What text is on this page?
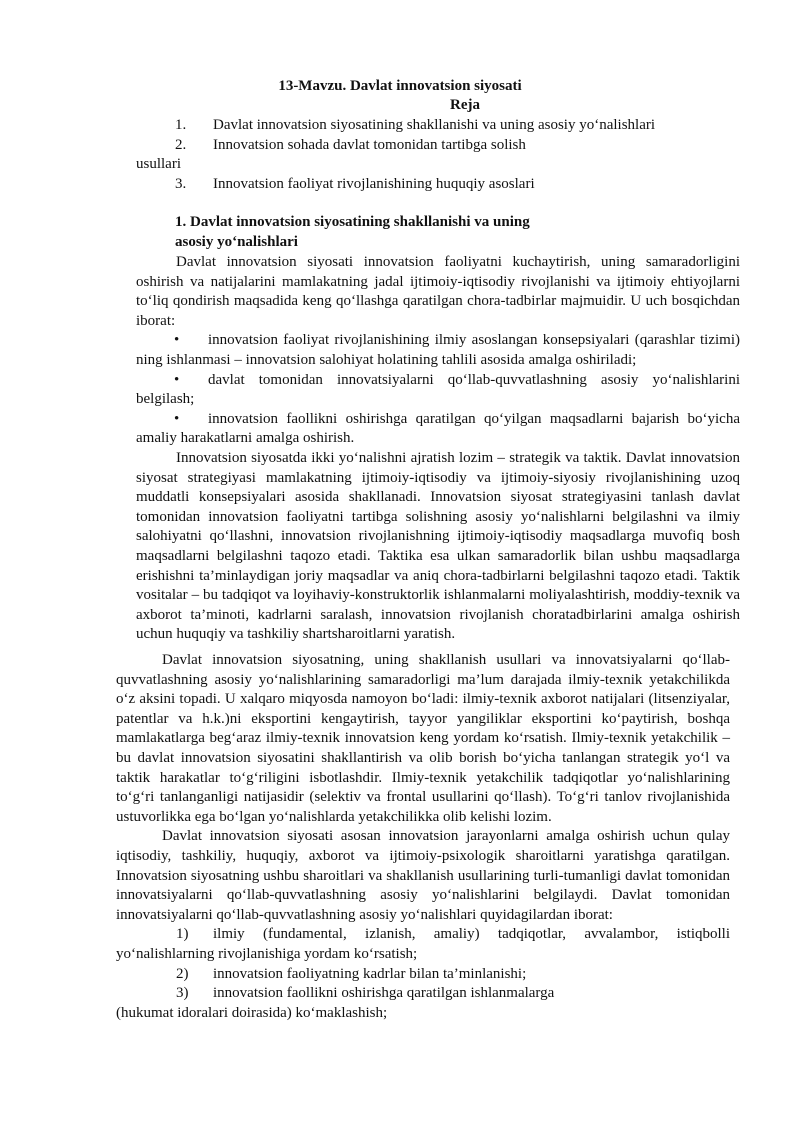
13-Mavzu. Davlat innovatsion siyosati
Reja
1. Davlat innovatsion siyosatining shakllanishi va uning asosiy yo‘nalishlari
2. Innovatsion sohada davlat tomonidan tartibga solish
usullari
3. Innovatsion faoliyat rivojlanishining huquqiy asoslari
1. Davlat innovatsion siyosatining shakllanishi va uning
asosiy yo‘nalishlari

Davlat innovatsion siyosati innovatsion faoliyatni kuchaytirish, uning samaradorligini oshirish va natijalarini mamlakatning jadal ijtimoiy-iqtisodiy rivojlanishi va ijtimoiy ehtiyojlarni to‘liq qondirish maqsadida keng qo‘llashga qaratilgan chora-tadbirlar majmuidir. U uch bosqichdan iborat:

• innovatsion faoliyat rivojlanishining ilmiy asoslangan konsepsiyalari (qarashlar tizimi) ning ishlanmasi – innovatsion salohiyat holatining tahlili asosida amalga oshiriladi;

• davlat tomonidan innovatsiyalarni qo‘llab-quvvatlashning asosiy yo‘nalishlarini belgilash;

• innovatsion faollikni oshirishga qaratilgan qo‘yilgan maqsadlarni bajarish bo‘yicha amaliy harakatlarni amalga oshirish.

Innovatsion siyosatda ikki yo‘nalishni ajratish lozim – strategik va taktik. Davlat innovatsion siyosat strategiyasi mamlakatning ijtimoiy-iqtisodiy va ijtimoiy-siyosiy rivojlanishining uzoq muddatli konsepsiyalari asosida shakllanadi. Innovatsion siyosat strategiyasini tanlash davlat tomonidan innovatsion faoliyatni tartibga solishning asosiy yo‘nalishlarni belgilashni va ilmiy salohiyatni qo‘llashni, innovatsion rivojlanishning ijtimoiy-iqtisodiy maqsadlarga muvofiq bosh maqsadlarni belgilashni taqozo etadi. Taktika esa ulkan samaradorlik bilan ushbu maqsadlarga erishishni ta’minlaydigan joriy maqsadlar va aniq chora-tadbirlarni belgilashni taqozo etadi. Taktik vositalar – bu tadqiqot va loyihaviy-konstruktorlik ishlanmalarni moliyalashtirish, moddiy-texnik va axborot ta’minoti, kadrlarni saralash, innovatsion rivojlanish choratadbirlarini amalga oshirish uchun huquqiy va tashkiliy shartsharoitlarni yaratish.

Davlat innovatsion siyosatning, uning shakllanish usullari va innovatsiyalarni qo‘llab-quvvatlashning asosiy yo‘nalishlarining samaradorligi ma’lum darajada ilmiy-texnik yetakchilikda o‘z aksini topadi. U xalqaro miqyosda namoyon bo‘ladi: ilmiy-texnik axborot natijalari (litsenziyalar, patentlar va h.k.)ni eksportini kengaytirish, tayyor yangiliklar eksportini ko‘paytirish, boshqa mamlakatlarga beg‘araz ilmiy-texnik innovatsion keng yordam ko‘rsatish. Ilmiy-texnik yetakchilik – bu davlat innovatsion siyosatini shakllantirish va olib borish bo‘yicha tanlangan strategik yo‘l va taktik harakatlar to‘g‘riligini isbotlashdir. Ilmiy-texnik yetakchilik tadqiqotlar yo‘nalishlarining to‘g‘ri tanlanganligi natijasidir (selektiv va frontal usullarini qo‘llash). To‘g‘ri tanlov rivojlanishida ustuvorlikka ega bo‘lgan yo‘nalishlarda yetakchilikka olib kelishi lozim.

Davlat innovatsion siyosati asosan innovatsion jarayonlarni amalga oshirish uchun qulay iqtisodiy, tashkiliy, huquqiy, axborot va ijtimoiy-psixologik sharoitlarni yaratishga qaratilgan. Innovatsion siyosatning ushbu sharoitlari va shakllanish usullarining turli-tumanligi davlat tomonidan innovatsiyalarni qo‘llab-quvvatlashning asosiy yo‘nalishlarini belgilaydi. Davlat tomonidan innovatsiyalarni qo‘llab-quvvatlashning asosiy yo‘nalishlari quyidagilardan iborat:

1) ilmiy (fundamental, izlanish, amaliy) tadqiqotlar, avvalambor, istiqbolli yo‘nalishlarning rivojlanishiga yordam ko‘rsatish;

2) innovatsion faoliyatning kadrlar bilan ta’minlanishi;

3) innovatsion faollikni oshirishga qaratilgan ishlanmalarga

(hukumat idoralari doirasida) ko‘maklashish;
